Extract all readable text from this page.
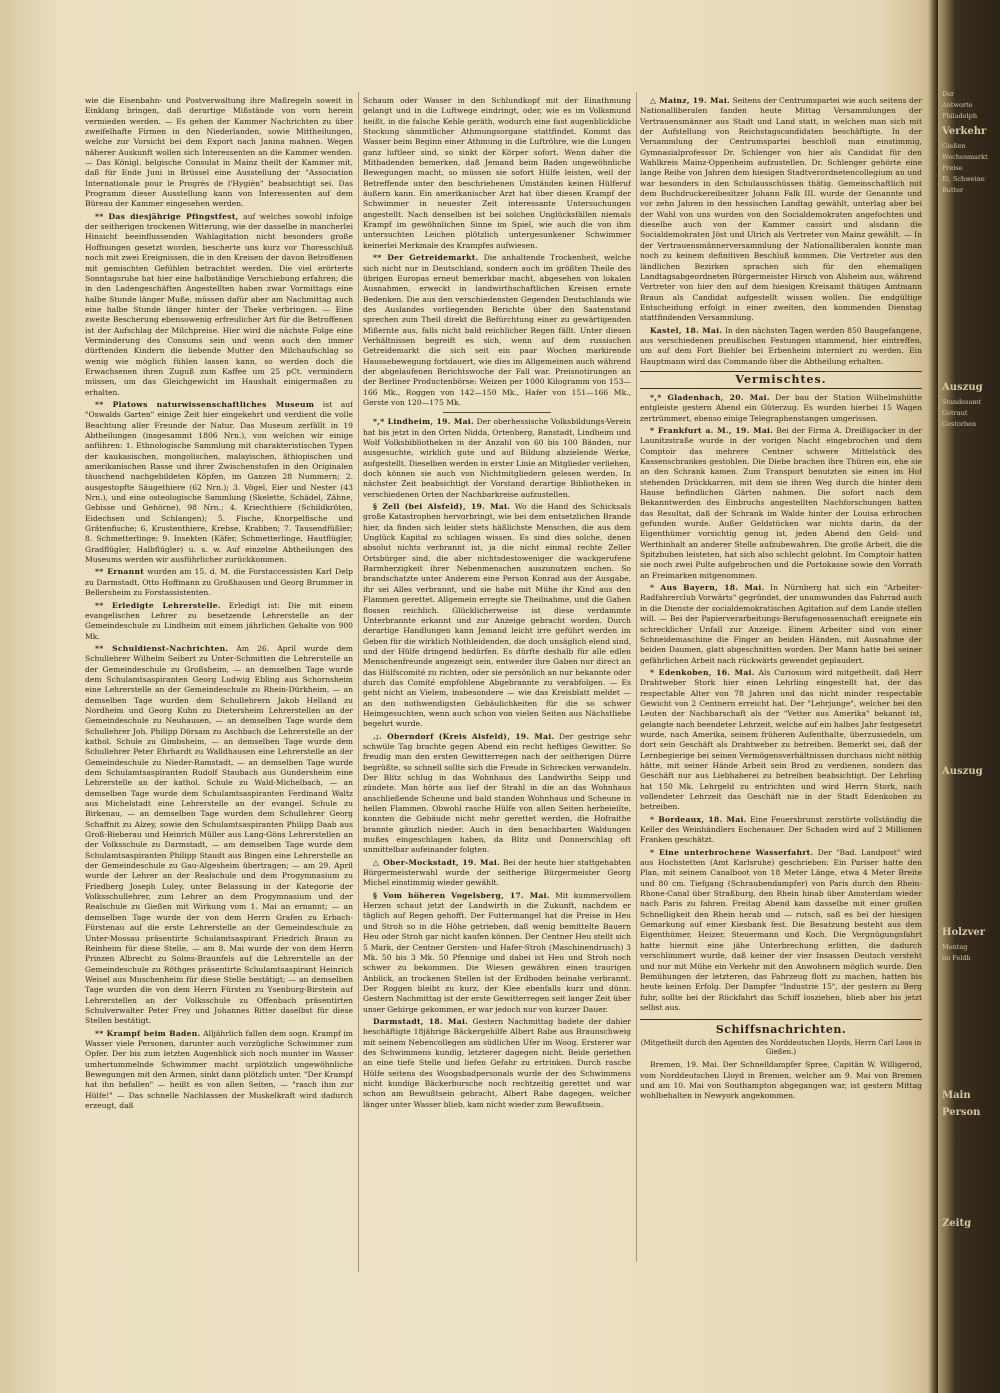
wie die Eisenbahn- und Postverwaltung ihre Maßregeln soweit in Einklang bringen, daß derartige Mißstände von vorn herein vermieden werden. — Es gehen der Kammer Nachrichten zu über zweifelhafte Firmen in den Niederlanden, sowie Mittheilungen, welche zur Vorsicht bei dem Export nach Janina mahnen. Wegen näherer Auskunft wollen sich Interessenten an die Kammer wenden. — Das Königl. belgische Consulat in Mainz theilt der Kammer mit, daß für Ende Juni in Brüssel eine Ausstellung der "Association Internationale pour le Progrès de l'Hygièn" beabsichtigt sei. Das Programm dieser Ausstellung kann von Interessenten auf dem Büreau der Kammer eingesehen werden.

** Das diesjährige Pfingstfest, auf welches sowohl infolge der seitherigen trockenen Witterung, wie der dasselbe in mancherlei Hinsicht beeinflussenden Wahlagitation nicht besonders große Hoffnungen gesetzt worden, bescherte uns kurz vor Thoresschluß noch mit zwei Ereignissen, die in den Kreisen der davon Betroffenen mit gemischten Gefühlen betrachtet werden. Die viel erörterte Sonntagsruhe hat hier eine halbständige Verschiebung erfahren; die in den Ladengeschäften Angestellten haben zwar Vormittags eine halbe Stunde länger Muße, müssen dafür aber am Nachmittag auch eine halbe Stunde länger hinter der Theke verbringen. — Eine zweite Bescherung ebensowenig erfreulicher Art für die Betroffenen ist der Aufschlag der Milchpreise. Hier wird die nächste Folge eine Verminderung des Consums sein und wenn auch den immer dürftenden Kindern die liebende Mutter den Milchaufschlag so wenig wie möglich fühlen lassen kann, so werden doch die Erwachsenen ihren Zuguß zum Kaffee um 25 pCt. vermindern müssen, um das Gleichgewicht im Haushalt einigermaßen zu erhalten.

** Platows naturwissenschaftliches Museum ist auf "Oswalds Garten" einige Zeit hier eingekehrt und verdient die volle Beachtung aller Freunde der Natur. Das Museum zerfällt in 19 Abtheilungen (insgesammt 1806 Nrn.), von welchen wir einige anführen: 1. Ethnologische Sammlung mit charakteristischen Typen der kaukasischen, mongolischen, malayischen, äthiopischen und amerikanischen Rasse und ihrer Zwischenstufen in den Originalen täuschend nachgebildeten Köpfen, im Ganzen 28 Nummern; 2. ausgestopfte Säugethiere (62 Nrn.); 3. Vögel, Eier und Nester (43 Nrn.), und eine osteologische Sammlung (Skelette, Schädel, Zähne, Gebisse und Gehörne), 98 Nrn.; 4. Kriechthiere (Schildkröten, Eidechsen und Schlangen); 5. Fische, Knorpelfische und Grätenfische; 6. Krustenthiere, Krebse, Krabben; 7. Tausendfüßler; 8. Schmetterlinge; 9. Insekten (Käfer, Schmetterlinge, Hautflügler, Gradflügler, Halbflügler) u. s. w. Auf einzelne Abtheilungen des Museums werden wir ausführlicher zurückkommen.

** Ernannt wurden am 15. d. M. die Forstaccessisten Karl Delp zu Darmstadt, Otto Hoffmann zu Großhausen und Georg Brummer in Bellersheim zu Forstassistenten.

** Erledigte Lehrerstelle. Erledigt ist: Die mit einem evangelischen Lehrer zu besetzende Lehrerstelle an der Gemeindeschule zu Lindheim mit einem jährlichen Gehalte von 900 Mk.

** Schuldienst-Nachrichten. Am 26. April wurde dem Schullehrer Wilhelm Seibert zu Unter-Schmitten die Lehrerstelle an der Gemeindeschule zu Großsheim, — an demselben Tage wurde dem Schulamtsaspiranten Georg Ludwig Ebling aus Schornsheim eine Lehrerstelle an der Gemeindeschule zu Rhein-Dürkheim, — an demselben Tage wurden dem Schullehrern Jakob Helland zu Nordheim und Georg Kuhn zu Dietersheim Lehrerstellen an der Gemeindeschule zu Neuhausen, — an demselben Tage wurde dem Schullehrer Joh. Philipp Dörsam zu Aschbach die Lehrerstelle an der kathol. Schule zu Gimbsheim, — an demselben Tage wurde dem Schullehrer Peter Ehrhardt zu Walldhausen eine Lehrerstelle an der Gemeindeschule zu Nieder-Ramstadt, — an demselben Tage wurde dem Schulamtsaspiranten Rudolf Staubach aus Gundersheim eine Lehrerstelle an der kathol. Schule zu Wald-Michelbach, — an demselben Tage wurde dem Schulamtsaspiranten Ferdinand Waltz aus Michelstadt eine Lehrerstelle an der evangel. Schule zu Birkenau, — an demselben Tage wurden dem Schullehrer Georg Schaffnit zu Alzey, sowie den Schulamtsaspiranten Philipp Daab aus Groß-Bieberau und Heinrich Müller aus Lang-Göns Lehrerstellen an der Volksschule zu Darmstadt, — am demselben Tage wurde dem Schulamtsaspiranten Philipp Staudt aus Bingen eine Lehrerstelle an der Gemeindeschule zu Gau-Algesheim übertragen; — am 29. April wurde der Lehrer an der Realschule und dem Progymnasium zu Friedberg Joseph Luley, unter Belassung in der Kategorie der Volksschullehrer, zum Lehrer an dem Progymnasium und der Realschule zu Gießen mit Wirkung vom 1. Mai an ernannt; — an demselben Tage wurde der von dem Herrn Grafen zu Erbach-Fürstenau auf die erste Lehrerstelle an der Gemeindeschule zu Unter-Mossau präsentirte Schulamtsaspirant Friedrich Braun zu Reinheim für diese Stelle, — am 8. Mai wurde der von dem Herrn Prinzen Albrecht zu Solms-Braunfels auf die Lehrerstelle an der Gemeindeschule zu Röthges präsentirte Schulamtsaspirant Heinrich Weisel aus Muschenheim für diese Stelle bestätigt; — an demselben Tage wurden die von dem Herrn Fürsten zu Ysenburg-Birstein auf Lehrerstellen an der Volksschule zu Offenbach präsentirten Schulverwalter Peter Frey und Johannes Ritter daselbst für diese Stellen bestätigt.

** Krampf beim Baden. Alljährlich fallen dem sogn. Krampf im Wasser viele Personen, darunter auch vorzügliche Schwimmer zum Opfer. Der bis zum letzten Augenblick sich noch munter im Wasser umhertummelnde Schwimmer macht urplötzlich ungewöhnliche Bewegungen mit den Armen, sinkt dann plötzlich unter. "Der Krampf hat ihn befallen" — heißt es von allen Seiten, — "rasch ihm zur Hülfe!" — Das schnelle Nachlassen der Muskelkraft wird dadurch erzeugt, daß

Schaum oder Wasser in den Schlundkopf mit der Einathmung gelangt und in die Luftwege eindringt, oder, wie es im Volksmund heißt, in die falsche Kehle geräth, wodurch eine fast augenblickliche Stockung sämmtlicher Athmungsorgane stattfindet. Kommt das Wasser beim Beginn einer Athmung in die Luftröhre, wie die Lungen ganz luftleer sind, so sinkt der Körper sofort. Wenn daher die Mitbadenden bemerken, daß Jemand beim Baden ungewöhnliche Bewegungen macht, so müssen sie sofort Hülfe leisten, weil der Betreffende unter den beschriebenen Umständen keinen Hülferuf äußern kann. Ein amerikanischer Arzt hat über diesen Krampf der Schwimmer in neuester Zeit interessante Untersuchungen angestellt. Nach denselben ist bei solchen Unglücksfällen niemals Krampf im gewöhnlichen Sinne im Spiel, wie auch die von ihm untersuchten Leichen plötzlich untergesunkener Schwimmer keinerlei Merkmale des Krampfes aufwiesen.

** Der Getreidemarkt. Die anhaltende Trockenheit, welche sich nicht nur in Deutschland, sondern auch im größten Theile des übrigen Europas erneut bemerkbar macht, abgesehen von lokalen Ausnahmen, erweckt in landwirthschaftlichen Kreisen ernste Bedenken. Die aus den verschiedensten Gegenden Deutschlands wie des Auslandes vorliegenden Berichte über den Saatenstand sprechen zum Theil direkt die Befürchtung einer zu gewärtigenden Mißernte aus, falls nicht bald reichlicher Regen fällt. Unter diesen Verhältnissen begreift es sich, wenn auf dem russischen Getreidemarkt die sich seit ein paar Wochen markirende Haussebewegung fortdauert, wie dies im Allgemeinen auch während der abgelaufenen Berichtswoche der Fall war. Preisnotirungen an der Berliner Productenbörse: Weizen per 1000 Kilogramm von 153—166 Mk., Roggen von 142—150 Mk., Hafer von 151—166 Mk., Gerste von 120—175 Mk.

*,* Lindheim, 19. Mai. Der oberhessische Volksbildungs-Verein hat bis jetzt in den Orten Nidda, Ortenberg, Ranstadt, Lindheim und Wolf Volksbibliotheken in der Anzahl von 60 bis 100 Bänden, nur ausgesuchte, wirklich gute und auf Bildung abzielende Werke, aufgestellt. Dieselben werden in erster Linie an Mitglieder verliehen, doch können sie auch von Nichtmitgliedern gelesen werden. In nächster Zeit beabsichtigt der Vorstand derartige Bibliotheken in verschiedenen Orten der Nachbarkreise aufzustellen.

§ Zell (bei Alsfeld), 19. Mai. Wo die Hand des Schicksals große Katastrophen hervorbringt, wie bei dem entsetzlichen Brande hier, da finden sich leider stets häßlichste Menschen, die aus dem Unglück Kapital zu schlagen wissen. Es sind dies solche, denen absolut nichts verbrannt ist, ja die nicht einmal rechte Zeller Ortsbürger sind, die aber nichtsdestoweniger die wackgerufene Barmherzigkeit ihrer Nebenmenschen auszunutzen suchen. So brandschatzte unter Anderem eine Person Konrad aus der Ausgabe, ihr sei Alles verbrannt, und sie habe mit Mühe ihr Kind aus den Flammen gerettet. Allgemein erregte sie Theilnahme, und die Gaben flossen reichlich. Glücklicherweise ist diese verdammte Unterbrannte erkannt und zur Anzeige gebracht worden. Durch derartige Handlungen kann Jemand leicht irre geführt werden im Geben für die wirklich Nothleidenden, die doch unsäglich elend sind, und der Hülfe dringend bedürfen. Es dürfte deshalb für alle edlen Menschenfreunde angezeigt sein, entweder ihre Gaben nur direct an das Hülfscomité zu richten, oder sie persönlich an nur bekannte oder durch das Comité empfohlene Abgebrannte zu verabfolgen. — Es geht nicht an Vielem, insbesondere — wie das Kreisblatt meldet — an den nothwendigsten Gebäulichkeiten für die so schwer Heimgesuchten, wenn auch schon von vielen Seiten aus Nächstliebe begehrt wurde.

.;. Oberndorf (Kreis Alsfeld), 19. Mai. Der gestrige sehr schwüle Tag brachte gegen Abend ein recht heftiges Gewitter. So freudig man den ersten Gewitterregen nach der seitherigen Dürre begrüßte, so schnell sollte sich die Freude in Schrecken verwandeln. Der Blitz schlug in das Wohnhaus des Landwirths Seipp und zündete. Man hörte aus lief der Strahl in die an das Wohnhaus anschließende Scheune und bald standen Wohnhaus und Scheune in hellen Flammen. Obwohl rasche Hülfe von allen Seiten herbeieilte, konnten die Gebäude nicht mehr gerettet werden, die Hofraithe brannte gänzlich nieder. Auch in den benachbarten Waldungen mußes eingeschlagen haben, da Blitz und Donnerschlag oft unmittelbar aufeinander folgten.

△ Ober-Mockstadt, 19. Mai. Bei der heute hier stattgehabten Bürgermeisterwahl wurde der seitherige Bürgermeister Georg Michel einstimmig wieder gewählt.

§ Vom höheren Vogelsberg, 17. Mai. Mit kummervollem Herzen schaut jetzt der Landwirth in die Zukunft, nachdem er täglich auf Regen gehofft. Der Futtermangel hat die Preise in Heu und Stroh so in die Höhe getrieben, daß wenig bemittelte Bauern Heu oder Stroh gar nicht kaufen können. Der Centner Heu stellt sich 5 Mark, der Centner Gersten- und Hafer-Stroh (Maschinendrusch) 3 Mk. 50 bis 3 Mk. 50 Pfennige und dabei ist Heu und Stroh noch schwer zu bekommen. Die Wiesen gewähren einen traurigen Anblick, an trockenen Stellen ist der Erdboden beinahe verbrannt. Der Roggen bleibt zu kurz, der Klee ebenfalls kurz und dünn. Gestern Nachmittag ist der erste Gewitterregen seit langer Zeit über unser Gebirge gekommen, er war jedoch nur von kurzer Dauer.

Darmstadt, 18. Mai. Gestern Nachmittag badete der dahier beschäftigte 18jährige Bäckergehilfe Albert Rabe aus Braunschweig mit seinem Nebencollegen am südlichen Ufer im Woog. Ersterer war des Schwimmens kundig, letzterer dagegen nicht. Beide geriethen an eine tiefe Stelle und liefen Gefahr zu ertrinken. Durch rasche Hülfe seitens des Woogsbadpersonals wurde der des Schwimmens nicht kundige Bäckerbursche noch rechtzeitig gerettet und war schon am Bewußtsein gebracht, Albert Rabe dagegen, welcher länger unter Wasser blieb, kam nicht wieder zum Bewußtsein.

△ Mainz, 19. Mai. Seitens der Centrumspartei wie auch seitens der Nationalliberalen fanden heute Mittag Versammlungen der Vertrauensmänner aus Stadt und Land statt, in welchen man sich mit der Aufstellung von Reichstagscandidaten beschäftigte. In der Versammlung der Centrumspartei beschloß man einstimmig, Gymnasialprofessor Dr. Schlenger von hier als Candidat für den Wahlkreis Mainz-Oppenheim aufzustellen. Dr. Schlenger gehörte eine lange Reihe von Jahren dem hiesigen Stadtverordnetencollegium an und war besonders in den Schulausschüssen thätig. Gemeinschaftlich mit dem Buchdruckereibesitzer Johann Falk III. wurde der Genannte und vor zehn Jahren in den hessischen Landtag gewählt, unterlag aber bei der Wahl von uns wurden von den Socialdemokraten angefochten und dieselbe auch von der Kammer cassirt und alsdann die Socialdemokraten Jöst und Ulrich als Vertreter von Mainz gewählt. — In der Vertrauensmännerversammlung der Nationalliberalen konnte man noch zu keinem definitiven Beschluß kommen. Die Vertreter aus den ländlichen Bezirken sprachen sich für den ehemaligen Landtagsabgeordneten Bürgermeister Hirsch von Alsheim aus, während Vertreter von hier den auf dem hiesigen Kreisamt thätigen Amtmann Braun als Candidat aufgestellt wissen wollen. Die endgültige Entscheidung erfolgt in einer zweiten, den kommenden Dienstag stattfindenden Versammlung.

Kastel, 18. Mai. In den nächsten Tagen werden 850 Baugefangene, aus verschiedenen preußischen Festungen stammend, hier eintreffen, um auf dem Fort Biehler bei Erbenheim interniert zu werden. Ein Hauptmann wird das Commando über die Abtheilung erhalten.

Vermischtes.

*,* Gladenbach, 20. Mai. Der bau der Station Wilhelmshütte entgleiste gestern Abend ein Güterzug. Es wurden hierbei 15 Wagen zertrümmert, ebenso einige Telegraphenstangen umgerissen.

* Frankfurt a. M., 19. Mai. Bei der Firma A. Dreißigacker in der Launitzstraße wurde in der vorigen Nacht eingebrochen und dem Comptoir das mehrere Centner schwere Mittelstück des Kassenschrankes gestohlen. Die Diebe brachen ihre Thüren ein, ehe sie an den Schrank kamen. Zum Transport benutzten sie einen im Hof stehenden Drückkarren, mit dem sie ihren Weg durch die hinter dem Hause befindlichen Gärten nahmen. Die sofort nach dem Bekanntwerden des Einbruchs angestellten Nachforschungen hatten das Resultat, daß der Schrank im Walde hinter der Louisa erbrochen gefunden wurde. Außer Geldstücken war nichts darin, da der Eigenthümer vorsichtig genug ist, jeden Abend den Geld- und Werthinhalt an anderer Stelle aufzubewahren. Die große Arbeit, die die Spitzbuben leisteten, hat sich also schlecht gelohnt. Im Comptoir hatten sie noch zwei Pulte aufgebrochen und die Portokasse sowie den Vorrath an Freimarken mitgenommen.

* Aus Bayern, 18. Mai. In Nürnberg hat sich ein "Arbeiter-Radfahrerclub Vorwärts" gegründet, der unumwunden das Fahrrad auch in die Dienste der socialdemokratischen Agitation auf dem Lande stellen will. — Bei der Papierverarbeitungs-Berufsgenossenschaft ereignete ein schrecklicher Unfall zur Anzeige. Einem Arbeiter sind von einer Schneidemaschine die Finger an beiden Händen, mit Ausnahme der beiden Daumen, glatt abgeschnitten worden. Der Mann hatte bei seiner gefährlichen Arbeit nach rückwärts gewendet geplaudert.

* Edenkoben, 16. Mai. Als Curiosum wird mitgetheilt, daß Herr Drahtweber Stork hier einen Lehrling eingestellt hat, der das respectable Alter von 78 Jahren und das nicht minder respectable Gewicht von 2 Centnern erreicht hat. Der "Lehrjunge", welcher bei den Leuten der Nachbarschaft als der "Vetter aus Amerika" bekannt ist, gelangte nach beendeter Lehrzeit, welche auf ein halbes Jahr festgesetzt wurde, nach Amerika, seinem früheren Aufenthalte, überzusiedeln, um dort sein Geschäft als Drahtweber zu betreiben. Bemerkt sei, daß der Lernbegierige bei seinen Vermögensverhältnissen durchaus nicht nöthig hätte, mit seiner Hände Arbeit sein Brod zu verdienen, sondern das Geschäft nur aus Liebhaberei zu betreiben beabsichtigt. Der Lehrling hat 150 Mk. Lehrgeld zu entrichten und wird Herrn Stork, nach vollendeter Lehrzeit das Geschäft nie in der Stadt Edenkoben zu betreiben.

* Bordeaux, 18. Mai. Eine Feuersbrunst zerstörte vollständig die Keller des Weinhändlers Eschenauer. Der Schaden wird auf 2 Millionen Franken geschätzt.

* Eine unterbrochene Wasserfahrt. Der "Bad. Landpost" wird aus Hochstetten (Amt Karlsruhe) geschrieben: Ein Pariser hatte den Plan, mit seinem Canalboot von 18 Meter Länge, etwa 4 Meter Breite und 80 cm. Tiefgang (Schraubendampfer) von Paris durch den Rhein-Rhone-Canal über Straßburg, den Rhein hinab über Amsterdam wieder nach Paris zu fahren. Freitag Abend kam dasselbe mit einer großen Schnelligkeit den Rhein herab und — rutsch, saß es bei der hiesigen Gemarkung auf einer Kiesbank fest. Die Besatzung besteht aus dem Eigenthümer, Heizer, Steuermann und Koch. Die Vergnügungsfahrt hatte hiermit eine jähe Unterbrechung erlitten, die dadurch verschlimmert wurde, daß keiner der vier Insassen Deutsch versteht und nur mit Mühe ein Verkehr mit den Anwohnern möglich wurde. Den Bemühungen der letzteren, das Fahrzeug flott zu machen, hatten bis heute keinen Erfolg. Der Dampfer "Industrie 15", der gestern zu Berg fuhr, sollte bei der Rückfahrt das Schiff losziehen, blieb aber bis jetzt selbst aus.

Schiffsnachrichten.
(Mitgetheilt durch den Agenten des Norddeutschen Lloyds, Herrn Carl Loos in Gießen.)

Bremen, 19. Mai. Der Schnelldampfer Spree, Capitän W. Willigerod, vom Norddeutschen Lloyd in Bremen, welcher am 9. Mai von Bremen und am 10. Mai von Southampton abgegangen war, ist gestern Mittag wohlbehalten in Newyork angekommen.

Der
Antworte
Philadelph
Verkehr
Gießen
Wochenmarkt
Preise
Ei, Schweine
Butter
Auszug
Standesamt
Getraut
Gestorben
Auszug
Holzver
Montag
im Feldh
Main
Person
Zeitg
